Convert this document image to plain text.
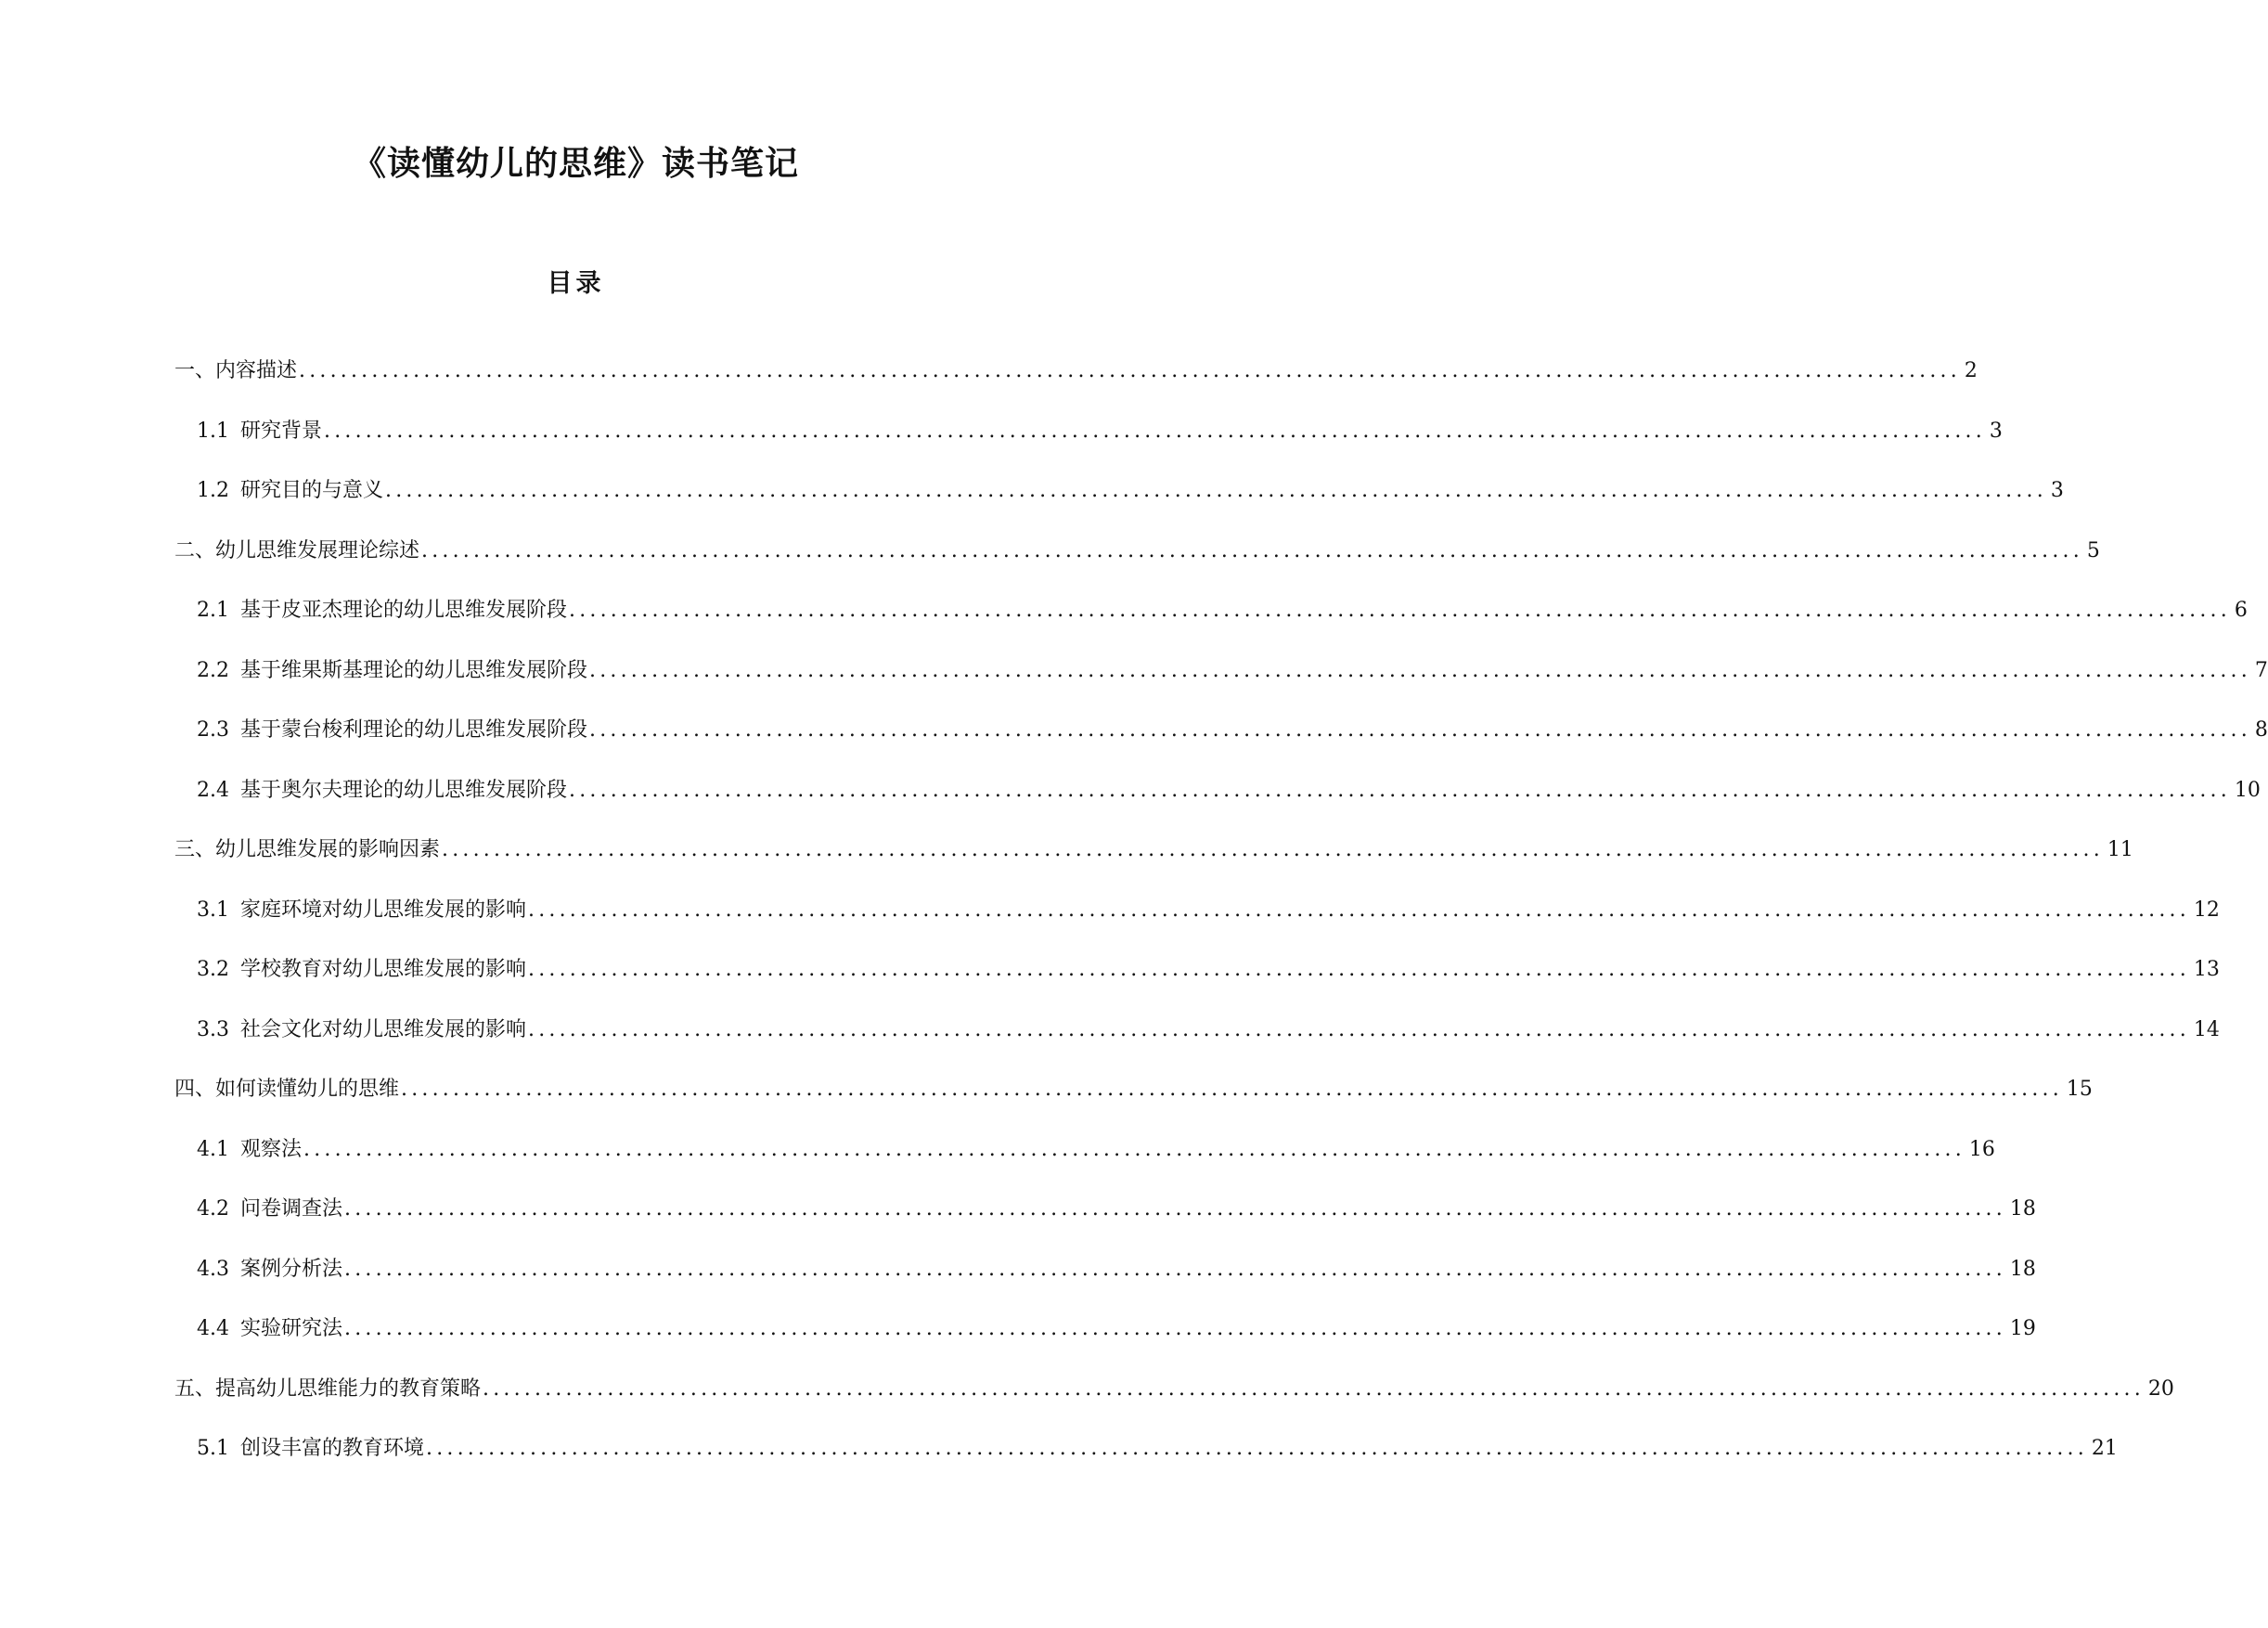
《读懂幼儿的思维》读书笔记
目录
一、内容描述 ................................................................................................................................................................ 2
1.1 研究背景 ................................................................................................................................................................ 3
1.2 研究目的与意义 ................................................................................................................................................................ 3
二、幼儿思维发展理论综述 ................................................................................................................................................................ 5
2.1 基于皮亚杰理论的幼儿思维发展阶段 ................................................................................................................................................................ 6
2.2 基于维果斯基理论的幼儿思维发展阶段 ................................................................................................................................................................ 7
2.3 基于蒙台梭利理论的幼儿思维发展阶段 ................................................................................................................................................................ 8
2.4 基于奥尔夫理论的幼儿思维发展阶段 ................................................................................................................................................................ 10
三、幼儿思维发展的影响因素 ................................................................................................................................................................ 11
3.1 家庭环境对幼儿思维发展的影响 ................................................................................................................................................................ 12
3.2 学校教育对幼儿思维发展的影响 ................................................................................................................................................................ 13
3.3 社会文化对幼儿思维发展的影响 ................................................................................................................................................................ 14
四、如何读懂幼儿的思维 ................................................................................................................................................................ 15
4.1 观察法 ................................................................................................................................................................ 16
4.2 问卷调查法 ................................................................................................................................................................ 18
4.3 案例分析法 ................................................................................................................................................................ 18
4.4 实验研究法 ................................................................................................................................................................ 19
五、提高幼儿思维能力的教育策略 ................................................................................................................................................................ 20
5.1 创设丰富的教育环境 ................................................................................................................................................................ 21
